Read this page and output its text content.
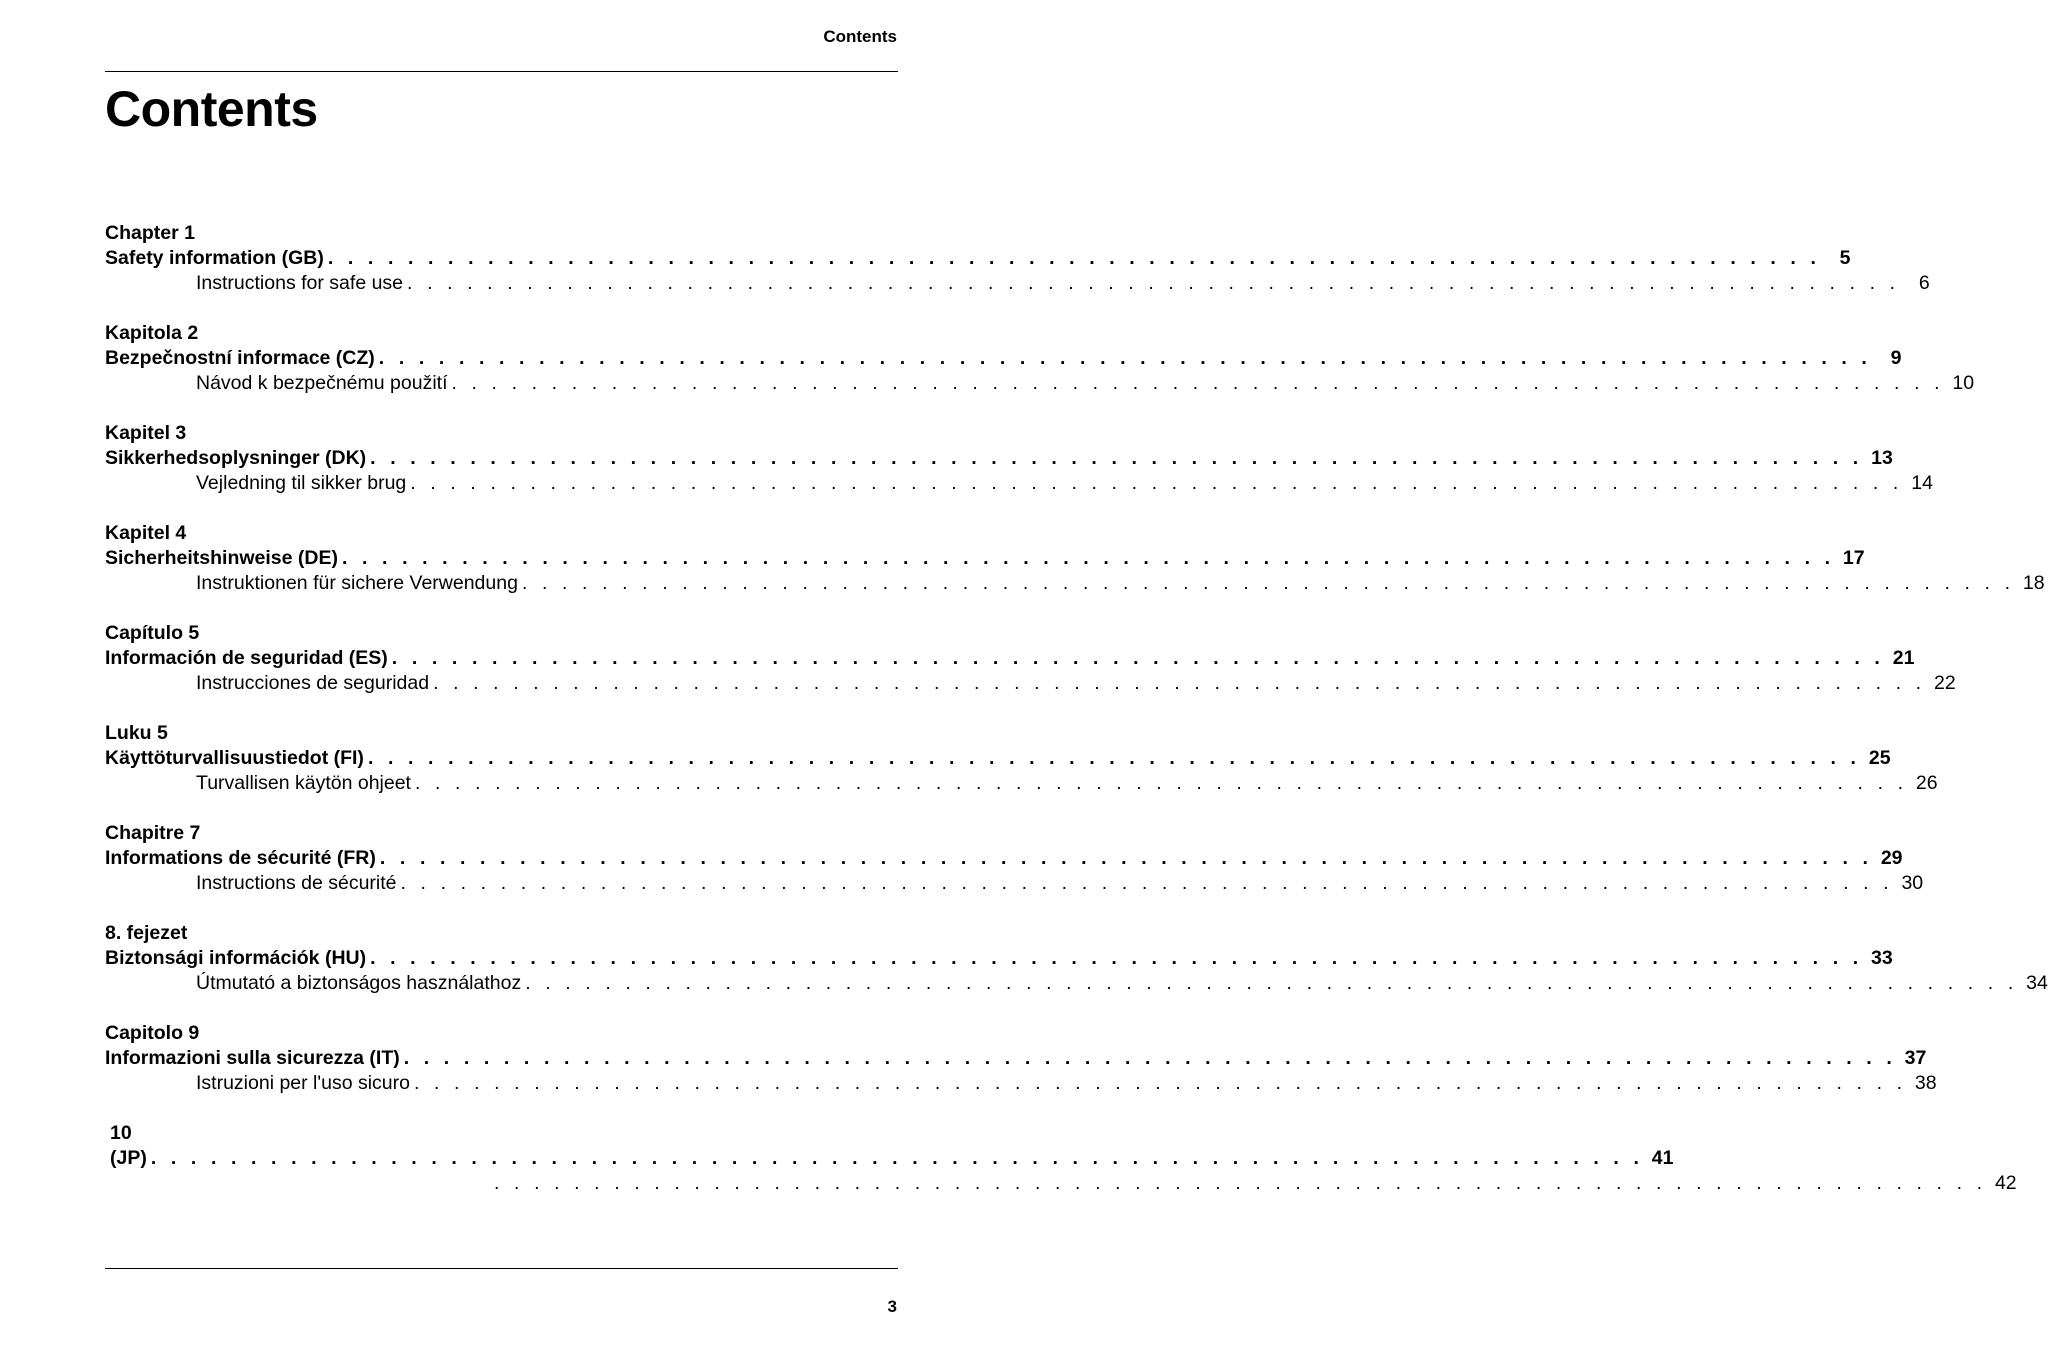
Contents
Contents
Chapter 1
Safety information (GB) . . . . . . . . . . . . . . . . . . . . . . . . . . . . . . . . . . . . . . . . . . . . . . . . . . . . . . . . . . . . . . . . . . . . . . . . . . . 5
Instructions for safe use . . . . . . . . . . . . . . . . . . . . . . . . . . . . . . . . . . . . . . . . . . . . . . . . . . . . . . . . . . . . . . . . . . . . . . . . . . . 6
Kapitola 2
Bezpečnostní informace (CZ) . . . . . . . . . . . . . . . . . . . . . . . . . . . . . . . . . . . . . . . . . . . . . . . . . . . . . . . . . . . . . . . . . . . . . . . . . . . 9
Návod k bezpečnému použití . . . . . . . . . . . . . . . . . . . . . . . . . . . . . . . . . . . . . . . . . . . . . . . . . . . . . . . . . . . . . . . . . . . . . . . . . . . 10
Kapitel 3
Sikkerhedsoplysninger (DK) . . . . . . . . . . . . . . . . . . . . . . . . . . . . . . . . . . . . . . . . . . . . . . . . . . . . . . . . . . . . . . . . . . . . . . . . . . . 13
Vejledning til sikker brug . . . . . . . . . . . . . . . . . . . . . . . . . . . . . . . . . . . . . . . . . . . . . . . . . . . . . . . . . . . . . . . . . . . . . . . . . . . 14
Kapitel 4
Sicherheitshinweise (DE) . . . . . . . . . . . . . . . . . . . . . . . . . . . . . . . . . . . . . . . . . . . . . . . . . . . . . . . . . . . . . . . . . . . . . . . . . . . 17
Instruktionen für sichere Verwendung . . . . . . . . . . . . . . . . . . . . . . . . . . . . . . . . . . . . . . . . . . . . . . . . . . . . . . . . . . . . . . . . . . . . . . . . . . . 18
Capítulo 5
Información de seguridad (ES) . . . . . . . . . . . . . . . . . . . . . . . . . . . . . . . . . . . . . . . . . . . . . . . . . . . . . . . . . . . . . . . . . . . . . . . . . . . 21
Instrucciones de seguridad . . . . . . . . . . . . . . . . . . . . . . . . . . . . . . . . . . . . . . . . . . . . . . . . . . . . . . . . . . . . . . . . . . . . . . . . . . . 22
Luku 5
Käyttöturvallisuustiedot (FI) . . . . . . . . . . . . . . . . . . . . . . . . . . . . . . . . . . . . . . . . . . . . . . . . . . . . . . . . . . . . . . . . . . . . . . . . . . . 25
Turvallisen käytön ohjeet . . . . . . . . . . . . . . . . . . . . . . . . . . . . . . . . . . . . . . . . . . . . . . . . . . . . . . . . . . . . . . . . . . . . . . . . . . . 26
Chapitre 7
Informations de sécurité (FR) . . . . . . . . . . . . . . . . . . . . . . . . . . . . . . . . . . . . . . . . . . . . . . . . . . . . . . . . . . . . . . . . . . . . . . . . . . . 29
Instructions de sécurité . . . . . . . . . . . . . . . . . . . . . . . . . . . . . . . . . . . . . . . . . . . . . . . . . . . . . . . . . . . . . . . . . . . . . . . . . . . 30
8. fejezet
Biztonsági információk (HU) . . . . . . . . . . . . . . . . . . . . . . . . . . . . . . . . . . . . . . . . . . . . . . . . . . . . . . . . . . . . . . . . . . . . . . . . . . . 33
Útmutató a biztonságos használathoz . . . . . . . . . . . . . . . . . . . . . . . . . . . . . . . . . . . . . . . . . . . . . . . . . . . . . . . . . . . . . . . . . . . . . . . . . . . 34
Capitolo 9
Informazioni sulla sicurezza (IT) . . . . . . . . . . . . . . . . . . . . . . . . . . . . . . . . . . . . . . . . . . . . . . . . . . . . . . . . . . . . . . . . . . . . . . . . . . . 37
Istruzioni per l'uso sicuro . . . . . . . . . . . . . . . . . . . . . . . . . . . . . . . . . . . . . . . . . . . . . . . . . . . . . . . . . . . . . . . . . . . . . . . . . . . 38
10
(JP) . . . . . . . . . . . . . . . . . . . . . . . . . . . . . . . . . . . . . . . . . . . . . . . . . . . . . . . . . . . . . . . . . . . . . . . . . . . 41
. . . . . . . . . . . . . . . . . . . . . . . . . . . . . . . . . . . . . . . . . . . . . . . . . . . . . . . . . . . . . . . . . . . . . . . . . . . 42
3
